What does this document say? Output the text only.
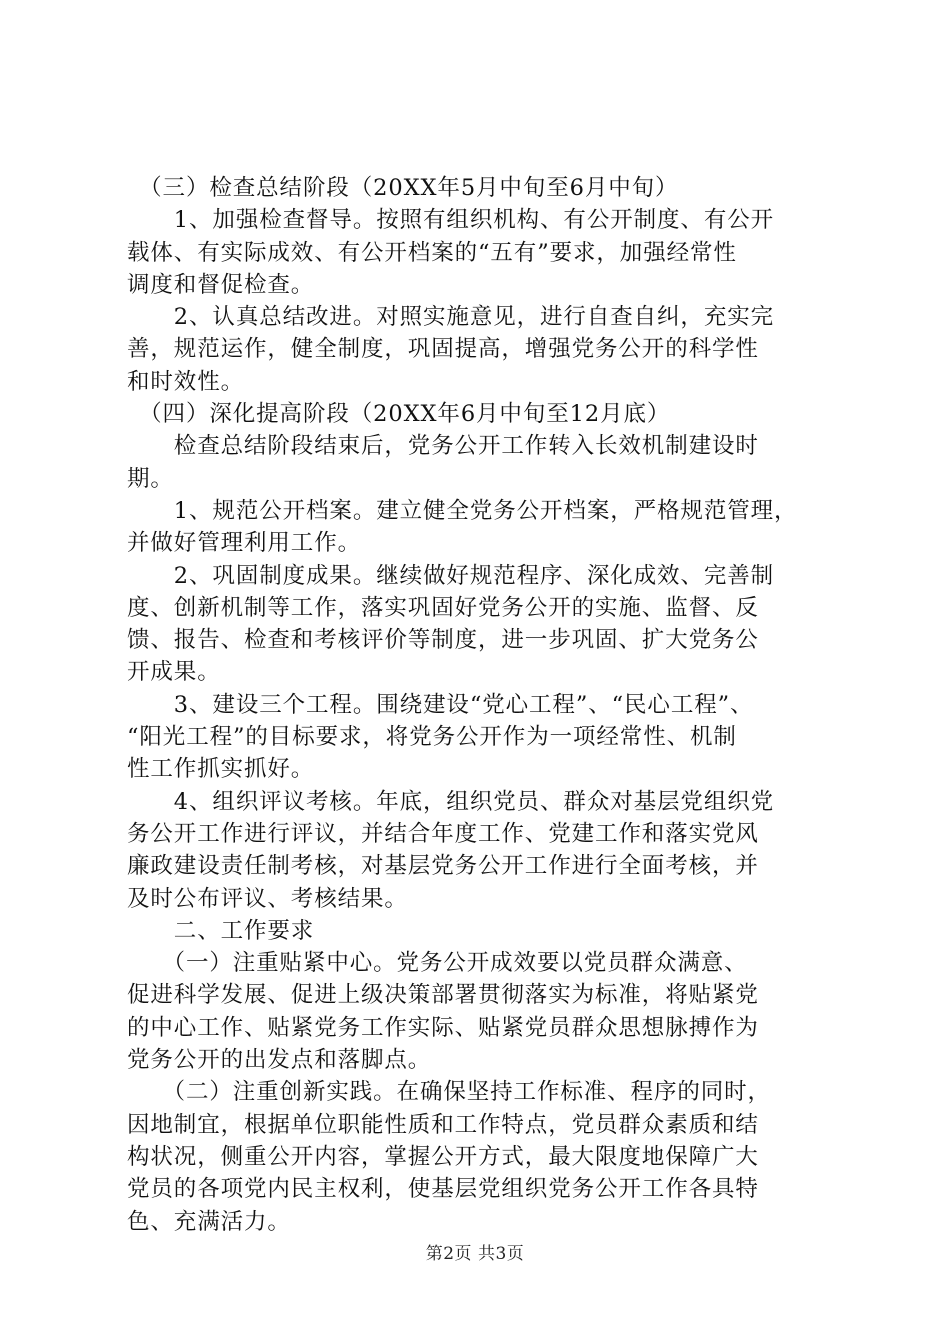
　（三）检查总结阶段（20XX年5月中旬至6月中旬）
　　1、加强检查督导。按照有组织机构、有公开制度、有公开
载体、有实际成效、有公开档案的“五有”要求，加强经常性
调度和督促检查。
　　2、认真总结改进。对照实施意见，进行自查自纠，充实完
善，规范运作，健全制度，巩固提高，增强党务公开的科学性
和时效性。
　（四）深化提高阶段（20XX年6月中旬至12月底）
　　检查总结阶段结束后，党务公开工作转入长效机制建设时
期。
　　1、规范公开档案。建立健全党务公开档案，严格规范管理，
并做好管理利用工作。
　　2、巩固制度成果。继续做好规范程序、深化成效、完善制
度、创新机制等工作，落实巩固好党务公开的实施、监督、反
馈、报告、检查和考核评价等制度，进一步巩固、扩大党务公
开成果。
　　3、建设三个工程。围绕建设“党心工程”、“民心工程”、
“阳光工程”的目标要求，将党务公开作为一项经常性、机制
性工作抓实抓好。
　　4、组织评议考核。年底，组织党员、群众对基层党组织党
务公开工作进行评议，并结合年度工作、党建工作和落实党风
廉政建设责任制考核，对基层党务公开工作进行全面考核，并
及时公布评议、考核结果。
　　二、工作要求
　　（一）注重贴紧中心。党务公开成效要以党员群众满意、
促进科学发展、促进上级决策部署贯彻落实为标准，将贴紧党
的中心工作、贴紧党务工作实际、贴紧党员群众思想脉搏作为
党务公开的出发点和落脚点。
　　（二）注重创新实践。在确保坚持工作标准、程序的同时，
因地制宜，根据单位职能性质和工作特点，党员群众素质和结
构状况，侧重公开内容，掌握公开方式，最大限度地保障广大
党员的各项党内民主权利，使基层党组织党务公开工作各具特
色、充满活力。
第2页 共3页
